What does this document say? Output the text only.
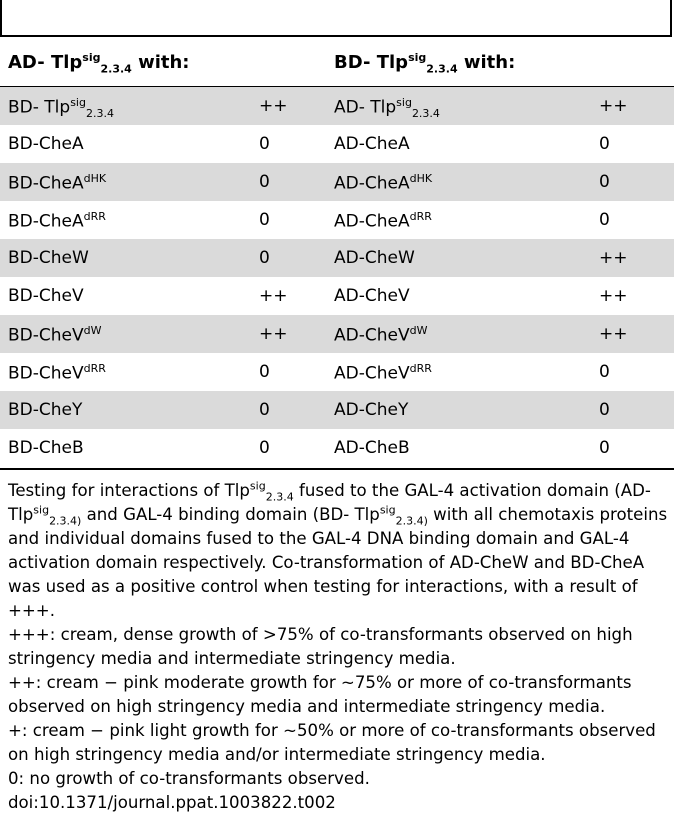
AD- Tlp$^{sig}_{2.3.4}$ with:	BD- Tlp$^{sig}_{2.3.4}$ with:
BD- Tlp$^{sig}_{2.3.4}$	++	AD- Tlp$^{sig}_{2.3.4}$	++
BD-CheA	0	AD-CheA	0
BD-CheA$^{dHK}$	0	AD-CheA$^{dHK}$	0
BD-CheA$^{dRR}$	0	AD-CheA$^{dRR}$	0
BD-CheW	0	AD-CheW	++
BD-CheV	++	AD-CheV	++
BD-CheV$^{dW}$	++	AD-CheV$^{dW}$	++
BD-CheV$^{dRR}$	0	AD-CheV$^{dRR}$	0
BD-CheY	0	AD-CheY	0
BD-CheB	0	AD-CheB	0

Testing for interactions of Tlp$^{sig}_{2.3.4}$ fused to the GAL-4 activation domain (AD-Tlp$^{sig}_{2.3.4)}$ and GAL-4 binding domain (BD- Tlp$^{sig}_{2.3.4)}$ with all chemotaxis proteins and individual domains fused to the GAL-4 DNA binding domain and GAL-4 activation domain respectively. Co-transformation of AD-CheW and BD-CheA was used as a positive control when testing for interactions, with a result of +++.

+++: cream, dense growth of >75% of co-transformants observed on high stringency media and intermediate stringency media.

++: cream − pink moderate growth for ∼75% or more of co-transformants observed on high stringency media and intermediate stringency media.

+: cream − pink light growth for ∼50% or more of co-transformants observed on high stringency media and/or intermediate stringency media.

0: no growth of co-transformants observed.

doi:10.1371/journal.ppat.1003822.t002
